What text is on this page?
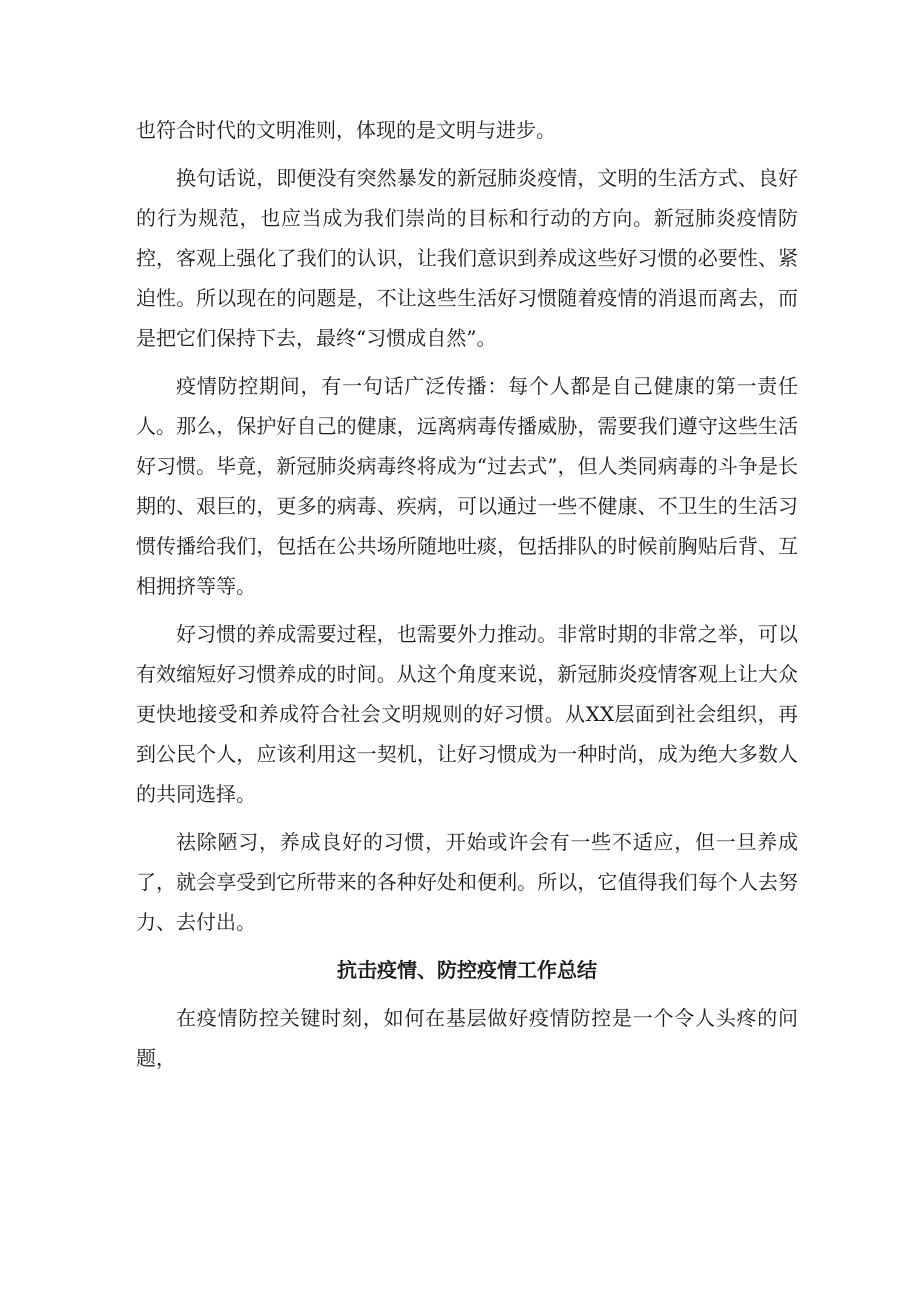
也符合时代的文明准则，体现的是文明与进步。

换句话说，即便没有突然暴发的新冠肺炎疫情，文明的生活方式、良好的行为规范，也应当成为我们崇尚的目标和行动的方向。新冠肺炎疫情防控，客观上强化了我们的认识，让我们意识到养成这些好习惯的必要性、紧迫性。所以现在的问题是，不让这些生活好习惯随着疫情的消退而离去，而是把它们保持下去，最终“习惯成自然”。

疫情防控期间，有一句话广泛传播：每个人都是自己健康的第一责任人。那么，保护好自己的健康，远离病毒传播威胁，需要我们遵守这些生活好习惯。毕竟，新冠肺炎病毒终将成为“过去式”，但人类同病毒的斗争是长期的、艰巨的，更多的病毒、疾病，可以通过一些不健康、不卫生的生活习惯传播给我们，包括在公共场所随地吐痰，包括排队的时候前胸贴后背、互相拥挤等等。

好习惯的养成需要过程，也需要外力推动。非常时期的非常之举，可以有效缩短好习惯养成的时间。从这个角度来说，新冠肺炎疫情客观上让大众更快地接受和养成符合社会文明规则的好习惯。从XX层面到社会组织，再到公民个人，应该利用这一契机，让好习惯成为一种时尚，成为绝大多数人的共同选择。

祛除陋习，养成良好的习惯，开始或许会有一些不适应，但一旦养成了，就会享受到它所带来的各种好处和便利。所以，它值得我们每个人去努力、去付出。

抗击疫情、防控疫情工作总结

在疫情防控关键时刻，如何在基层做好疫情防控是一个令人头疼的问题，
